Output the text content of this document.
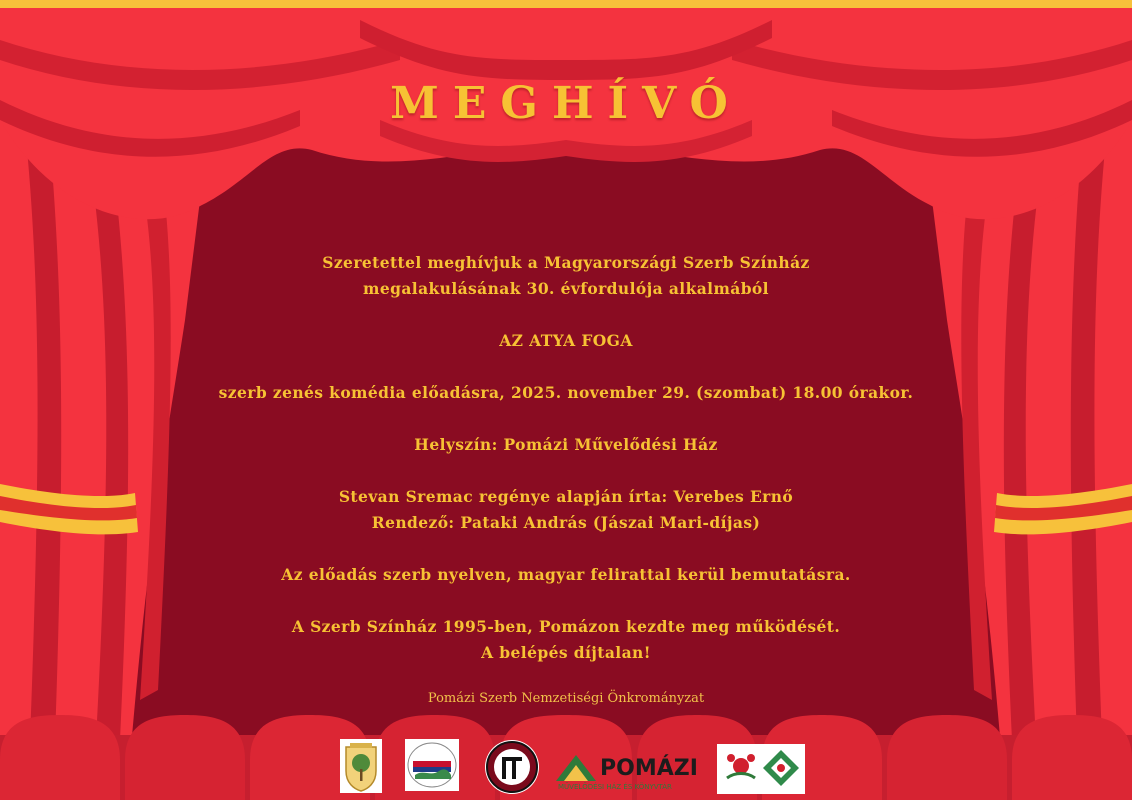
MEGHÍVÓ

Szeretettel meghívjuk a Magyarországi Szerb Színház

megalakulásának 30. évfordulója alkalmából

AZ ATYA FOGA

szerb zenés komédia előadásra, 2025. november 29. (szombat) 18.00 órakor.

Helyszín: Pomázi Művelődési Ház

Stevan Sremac regénye alapján írta: Verebes Ernő

Rendező: Pataki András (Jászai Mari-díjas)

Az előadás szerb nyelven, magyar felirattal kerül bemutatásra.

A Szerb Színház 1995-ben, Pomázon kezdte meg működését.

A belépés díjtalan!

Pomázi Szerb Nemzetiségi Önkrományzat
POMÁZI
MŰVELŐDÉSI HÁZ ÉS KÖNYVTÁR
